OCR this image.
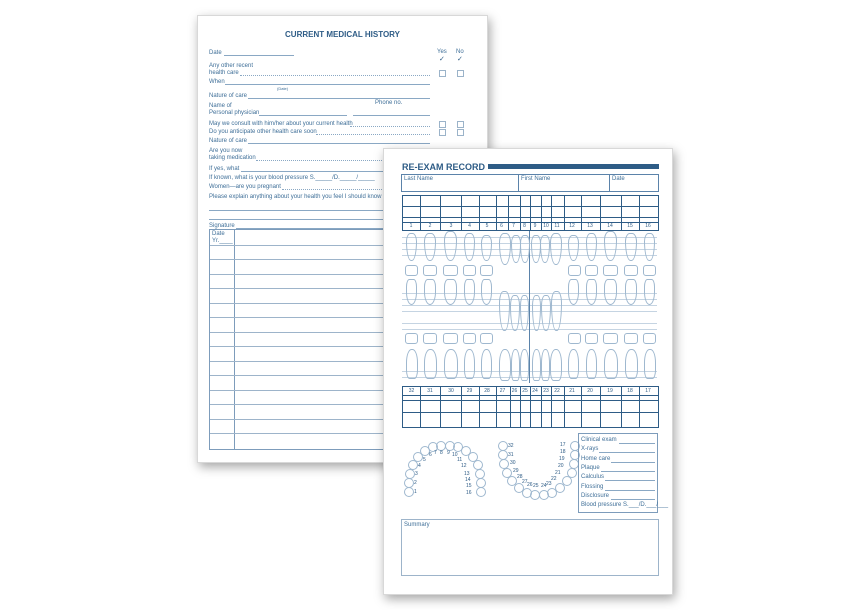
CURRENT MEDICAL HISTORY
Yes No
✓ ✓
Date
Any other recent
health care
When
(Date)
Nature of care
Name of	Phone no.
Personal physician
May we consult with him/her about your current health
Do you anticipate other health care soon
Nature of care
Are you now
taking medication
If yes, what
If known, what is your blood pressure S._____/D._____/_____
Women—are you pregnant
Please explain anything about your health you feel I should know
Signature
Date
Yr.____
RE-EXAM RECORD
Last Name	First Name	Date
1	2	3	4	5	6	7	8	9	10	11	12	13	14	15	16
32	31	30	29	28	27	26 25 24	23	22	21	20	19	18	17
1
2
3
4
5
6 7 8 9 10
11
12
13
14
15
16
32
31
30
29
28
27 26 25 24 23
22
21
20
19
18
17
Clinical exam
X-rays
Home care
Plaque
Calculus
Flossing
Disclosure
Blood pressure S.___/D.___/___
Summary
